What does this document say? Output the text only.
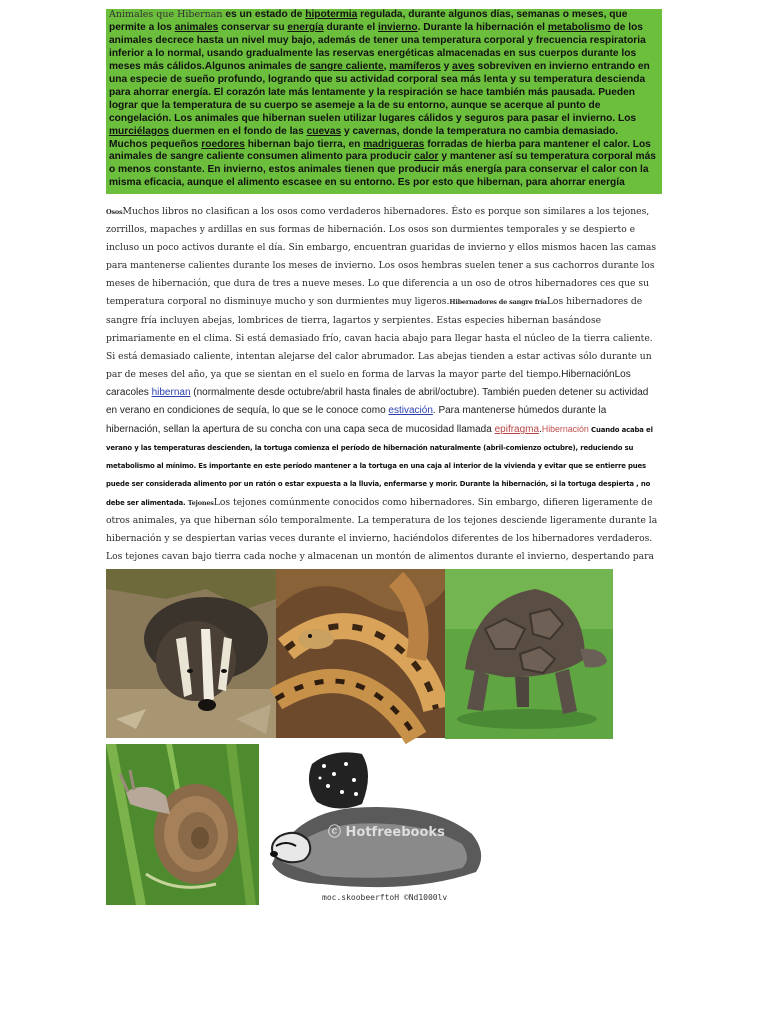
Animales que Hibernan es un estado de hipotermia regulada, durante algunos días, semanas o meses, que permite a los animales conservar su energía durante el invierno. Durante la hibernación el metabolismo de los animales decrece hasta un nivel muy bajo, además de tener una temperatura corporal y frecuencia respiratoria inferior a lo normal, usando gradualmente las reservas energéticas almacenadas en sus cuerpos durante los meses más cálidos.Algunos animales de sangre caliente, mamíferos y aves sobreviven en invierno entrando en una especie de sueño profundo, logrando que su actividad corporal sea más lenta y su temperatura descienda para ahorrar energía. El corazón late más lentamente y la respiración se hace también más pausada. Pueden lograr que la temperatura de su cuerpo se asemeje a la de su entorno, aunque se acerque al punto de congelación. Los animales que hibernan suelen utilizar lugares cálidos y seguros para pasar el invierno. Los murciélagos duermen en el fondo de las cuevas y cavernas, donde la temperatura no cambia demasiado. Muchos pequeños roedores hibernan bajo tierra, en madrigueras forradas de hierba para mantener el calor. Los animales de sangre caliente consumen alimento para producir calor y mantener así su temperatura corporal más o menos constante. En invierno, estos animales tienen que producir más energía para conservar el calor con la misma eficacia, aunque el alimento escasee en su entorno. Es por esto que hibernan, para ahorrar energía
OsosMuchos libros no clasifican a los osos como verdaderos hibernadores. Ésto es porque son similares a los tejones, zorrillos, mapaches y ardillas en sus formas de hibernación. Los osos son durmientes temporales y se despierto e incluso un poco activos durante el día. Sin embargo, encuentran guaridas de invierno y ellos mismos hacen las camas para mantenerse calientes durante los meses de invierno. Los osos hembras suelen tener a sus cachorros durante los meses de hibernación, que dura de tres a nueve meses. Lo que diferencia a un oso de otros hibernadores ces que su temperatura corporal no disminuye mucho y son durmientes muy ligeros.Hibernadores de sangre fríaLos hibernadores de sangre fría incluyen abejas, lombrices de tierra, lagartos y serpientes. Estas especies hibernan basándose primariamente en el clima. Si está demasiado frío, cavan hacia abajo para llegar hasta el núcleo de la tierra caliente. Si está demasiado caliente, intentan alejarse del calor abrumador. Las abejas tienden a estar activas sólo durante un par de meses del año, ya que se sientan en el suelo en forma de larvas la mayor parte del tiempo.HibernaciónLos caracoles hibernan (normalmente desde octubre/abril hasta finales de abril/octubre). También pueden detener su actividad en verano en condiciones de sequía, lo que se le conoce como estivación. Para mantenerse húmedos durante la hibernación, sellan la apertura de su concha con una capa seca de mucosidad llamada epifragma.Hibernación Cuando acaba el verano y las temperaturas descienden, la tortuga comienza el período de hibernación naturalmente (abril-comienzo octubre), reduciendo su metabolismo al mínimo. Es importante en este período mantener a la tortuga en una caja al interior de la vivienda y evitar que se entierre pues puede ser considerada alimento por un ratón o estar expuesta a la lluvia, enfermarse y morir. Durante la hibernación, si la tortuga despierta , no debe ser alimentada. TejonesLos tejones comúnmente conocidos como hibernadores. Sin embargo, difieren ligeramente de otros animales, ya que hibernan sólo temporalmente. La temperatura de los tejones desciende ligeramente durante la hibernación y se despiertan varias veces durante el invierno, haciéndolos diferentes de los hibernadores verdaderos. Los tejones cavan bajo tierra cada noche y almacenan un montón de alimentos durante el invierno, despertando para
ⓒ Hotfreebooks
moc.skoobeerftoH ©Nd1000lv
